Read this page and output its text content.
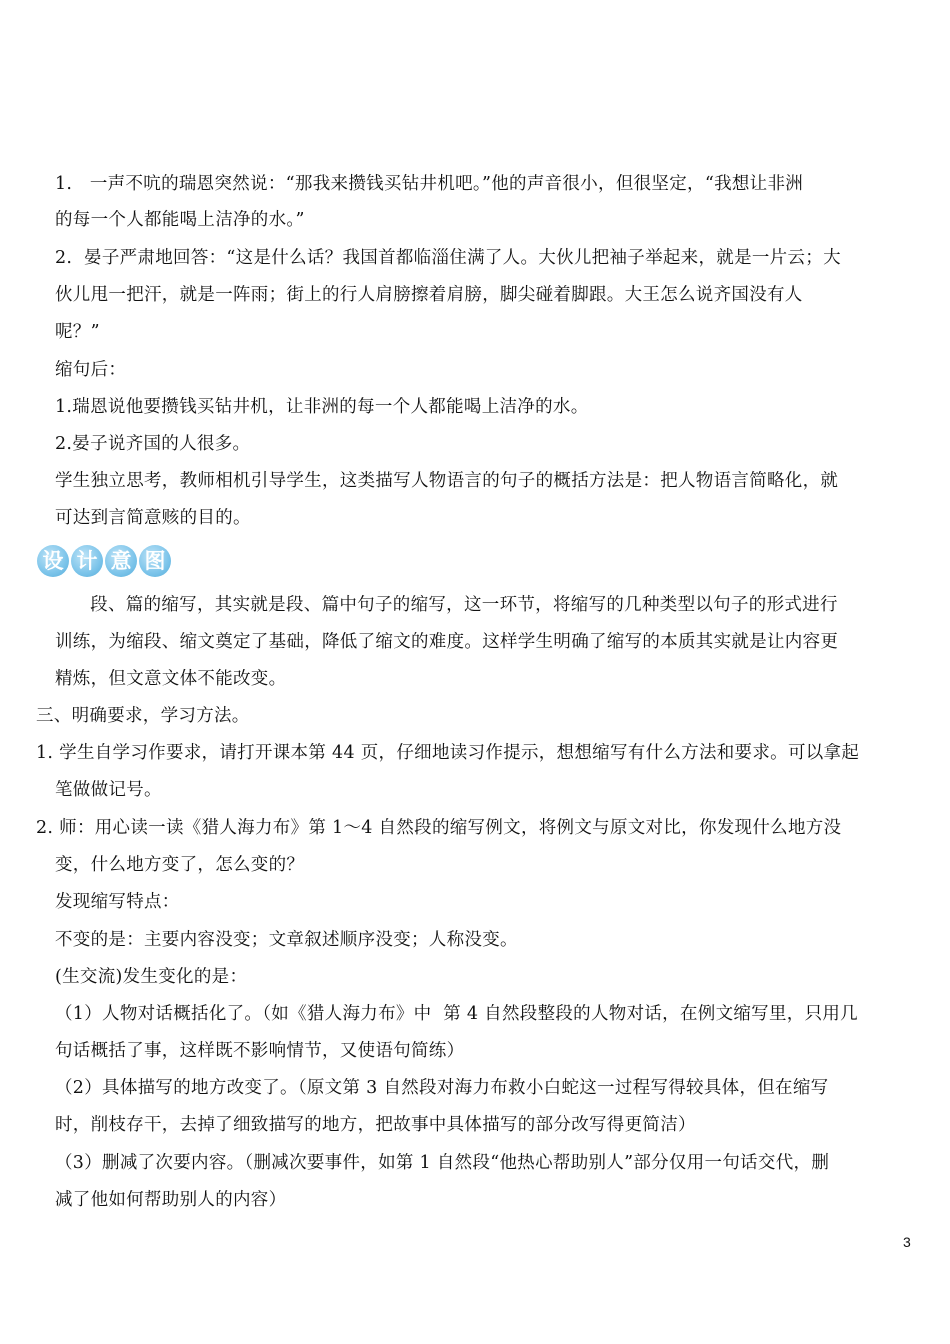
1.   一声不吭的瑞恩突然说：“那我来攒钱买钻井机吧。”他的声音很小，但很坚定，“我想让非洲
的每一个人都能喝上洁净的水。”
2.  晏子严肃地回答：“这是什么话？我国首都临淄住满了人。大伙儿把袖子举起来，就是一片云；大
伙儿甩一把汗，就是一阵雨；街上的行人肩膀擦着肩膀，脚尖碰着脚跟。大王怎么说齐国没有人
呢？”
缩句后：
1.瑞恩说他要攒钱买钻井机，让非洲的每一个人都能喝上洁净的水。
2.晏子说齐国的人很多。
学生独立思考，教师相机引导学生，这类描写人物语言的句子的概括方法是：把人物语言简略化，就
可达到言简意赅的目的。
设 计 意 图
段、篇的缩写，其实就是段、篇中句子的缩写，这一环节，将缩写的几种类型以句子的形式进行
训练，为缩段、缩文奠定了基础，降低了缩文的难度。这样学生明确了缩写的本质其实就是让内容更
精炼，但文意文体不能改变。
三、明确要求，学习方法。
1. 学生自学习作要求，请打开课本第 44 页，仔细地读习作提示，想想缩写有什么方法和要求。可以拿起
笔做做记号。
2. 师：用心读一读《猎人海力布》第 1～4 自然段的缩写例文，将例文与原文对比，你发现什么地方没
变，什么地方变了，怎么变的？
发现缩写特点：
不变的是：主要内容没变；文章叙述顺序没变；人称没变。
(生交流)发生变化的是：
（1）人物对话概括化了。（如《猎人海力布》中  第 4 自然段整段的人物对话，在例文缩写里，只用几
句话概括了事，这样既不影响情节，又使语句简练）
（2）具体描写的地方改变了。（原文第 3 自然段对海力布救小白蛇这一过程写得较具体，但在缩写
时，削枝存干，去掉了细致描写的地方，把故事中具体描写的部分改写得更简洁）
（3）删减了次要内容。（删减次要事件，如第 1 自然段“他热心帮助别人”部分仅用一句话交代，删
减了他如何帮助别人的内容）
3
